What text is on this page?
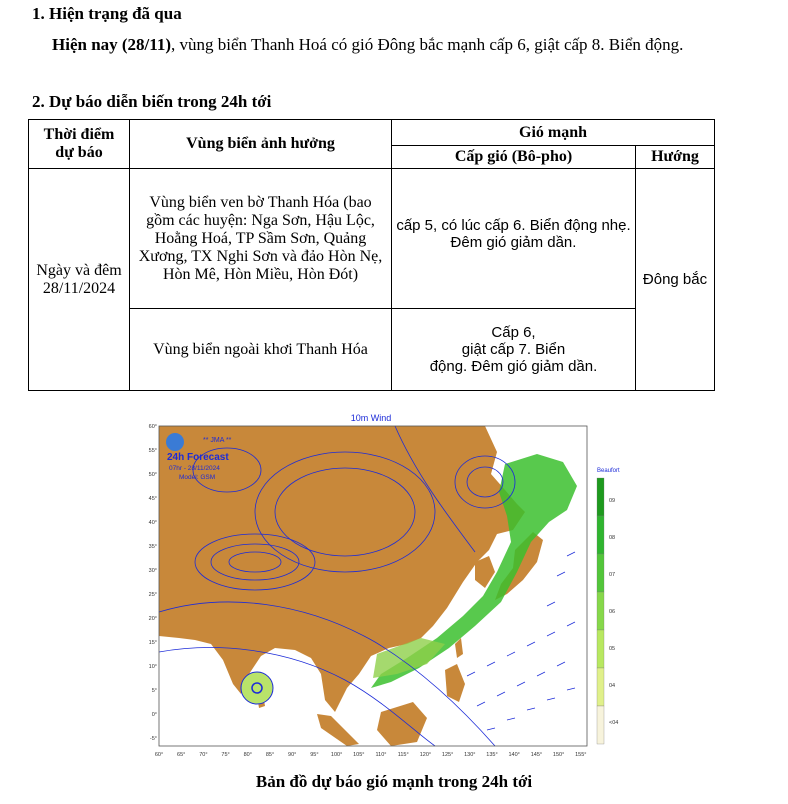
1. Hiện trạng đã qua
Hiện nay (28/11), vùng biển Thanh Hoá có gió Đông bắc mạnh cấp 6, giật cấp 8. Biển động.
2. Dự báo diễn biến trong 24h tới
Thời điểm dự báo	Vùng biển ảnh hưởng	Gió mạnh	
		Cấp gió (Bô-pho)	Hướng
Ngày và đêm 28/11/2024	Vùng biển ven bờ Thanh Hóa (bao gồm các huyện: Nga Sơn, Hậu Lộc, Hoằng Hoá, TP Sầm Sơn, Quảng Xương, TX Nghi Sơn và đảo Hòn Nẹ, Hòn Mê, Hòn Miều, Hòn Đót)	cấp 5, có lúc cấp 6. Biển động nhẹ. Đêm gió giảm dần.	Đông bắc
	Vùng biển ngoài khơi Thanh Hóa	Cấp 6,
giật cấp 7. Biển
động. Đêm gió giảm dần.	
10m Wind
** JMA **
24h Forecast
07hr - 28/11/2024
Model: GSM
Beaufort
09
08
07
06
05
04
<04
60°
55°
50°
45°
40°
35°
30°
25°
20°
15°
10°
5°
0°
-5°
60°	65°	70°	75°	80°	85°	90°	95° 100° 105° 110° 115° 120° 125° 130° 135° 140° 145° 150° 155°
Bản đồ dự báo gió mạnh trong 24h tới
